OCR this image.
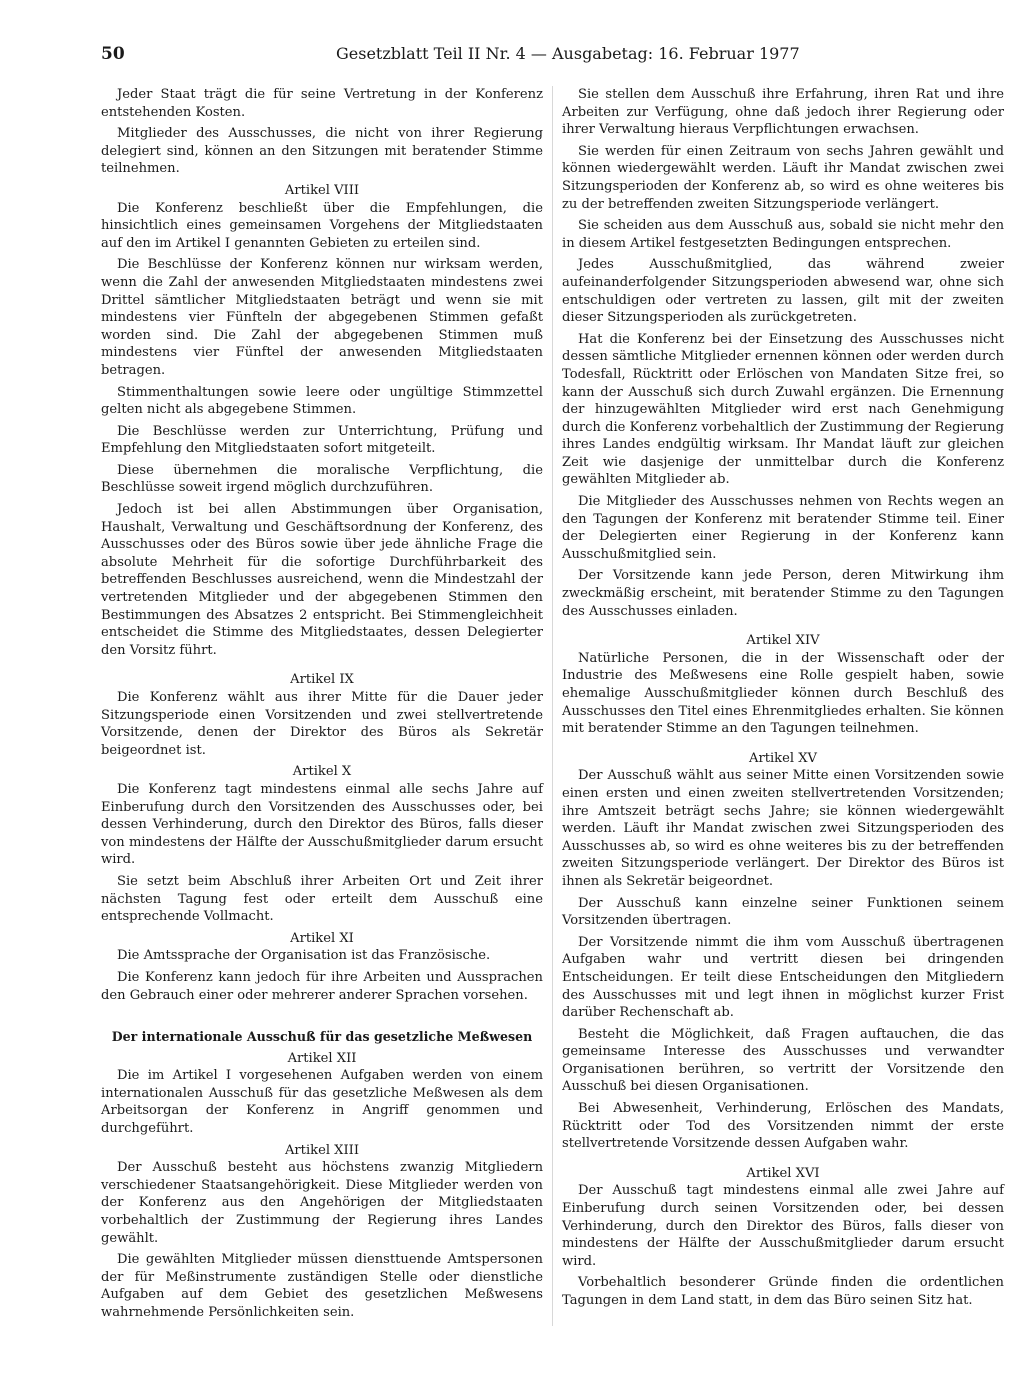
50	Gesetzblatt Teil II Nr. 4 — Ausgabetag: 16. Februar 1977

Jeder Staat trägt die für seine Vertretung in der Konferenz entstehenden Kosten.

Mitglieder des Ausschusses, die nicht von ihrer Regierung delegiert sind, können an den Sitzungen mit beratender Stimme teilnehmen.

Artikel VIII

Die Konferenz beschließt über die Empfehlungen, die hinsichtlich eines gemeinsamen Vorgehens der Mitgliedstaaten auf den im Artikel I genannten Gebieten zu erteilen sind.

Die Beschlüsse der Konferenz können nur wirksam werden, wenn die Zahl der anwesenden Mitgliedstaaten mindestens zwei Drittel sämtlicher Mitgliedstaaten beträgt und wenn sie mit mindestens vier Fünfteln der abgegebenen Stimmen gefaßt worden sind. Die Zahl der abgegebenen Stimmen muß mindestens vier Fünftel der anwesenden Mitgliedstaaten betragen.

Stimmenthaltungen sowie leere oder ungültige Stimmzettel gelten nicht als abgegebene Stimmen.

Die Beschlüsse werden zur Unterrichtung, Prüfung und Empfehlung den Mitgliedstaaten sofort mitgeteilt.

Diese übernehmen die moralische Verpflichtung, die Beschlüsse soweit irgend möglich durchzuführen.

Jedoch ist bei allen Abstimmungen über Organisation, Haushalt, Verwaltung und Geschäftsordnung der Konferenz, des Ausschusses oder des Büros sowie über jede ähnliche Frage die absolute Mehrheit für die sofortige Durchführbarkeit des betreffenden Beschlusses ausreichend, wenn die Mindestzahl der vertretenden Mitglieder und der abgegebenen Stimmen den Bestimmungen des Absatzes 2 entspricht. Bei Stimmengleichheit entscheidet die Stimme des Mitgliedstaates, dessen Delegierter den Vorsitz führt.

Artikel IX

Die Konferenz wählt aus ihrer Mitte für die Dauer jeder Sitzungsperiode einen Vorsitzenden und zwei stellvertretende Vorsitzende, denen der Direktor des Büros als Sekretär beigeordnet ist.

Artikel X

Die Konferenz tagt mindestens einmal alle sechs Jahre auf Einberufung durch den Vorsitzenden des Ausschusses oder, bei dessen Verhinderung, durch den Direktor des Büros, falls dieser von mindestens der Hälfte der Ausschußmitglieder darum ersucht wird.

Sie setzt beim Abschluß ihrer Arbeiten Ort und Zeit ihrer nächsten Tagung fest oder erteilt dem Ausschuß eine entsprechende Vollmacht.

Artikel XI

Die Amtssprache der Organisation ist das Französische.

Die Konferenz kann jedoch für ihre Arbeiten und Aussprachen den Gebrauch einer oder mehrerer anderer Sprachen vorsehen.

Der internationale Ausschuß für das gesetzliche Meßwesen
Artikel XII

Die im Artikel I vorgesehenen Aufgaben werden von einem internationalen Ausschuß für das gesetzliche Meßwesen als dem Arbeitsorgan der Konferenz in Angriff genommen und durchgeführt.

Artikel XIII

Der Ausschuß besteht aus höchstens zwanzig Mitgliedern verschiedener Staatsangehörigkeit. Diese Mitglieder werden von der Konferenz aus den Angehörigen der Mitgliedstaaten vorbehaltlich der Zustimmung der Regierung ihres Landes gewählt.

Die gewählten Mitglieder müssen diensttuende Amtspersonen der für Meßinstrumente zuständigen Stelle oder dienstliche Aufgaben auf dem Gebiet des gesetzlichen Meßwesens wahrnehmende Persönlichkeiten sein.

Sie stellen dem Ausschuß ihre Erfahrung, ihren Rat und ihre Arbeiten zur Verfügung, ohne daß jedoch ihrer Regierung oder ihrer Verwaltung hieraus Verpflichtungen erwachsen.

Sie werden für einen Zeitraum von sechs Jahren gewählt und können wiedergewählt werden. Läuft ihr Mandat zwischen zwei Sitzungsperioden der Konferenz ab, so wird es ohne weiteres bis zu der betreffenden zweiten Sitzungsperiode verlängert.

Sie scheiden aus dem Ausschuß aus, sobald sie nicht mehr den in diesem Artikel festgesetzten Bedingungen entsprechen.

Jedes Ausschußmitglied, das während zweier aufeinanderfolgender Sitzungsperioden abwesend war, ohne sich entschuldigen oder vertreten zu lassen, gilt mit der zweiten dieser Sitzungsperioden als zurückgetreten.

Hat die Konferenz bei der Einsetzung des Ausschusses nicht dessen sämtliche Mitglieder ernennen können oder werden durch Todesfall, Rücktritt oder Erlöschen von Mandaten Sitze frei, so kann der Ausschuß sich durch Zuwahl ergänzen. Die Ernennung der hinzugewählten Mitglieder wird erst nach Genehmigung durch die Konferenz vorbehaltlich der Zustimmung der Regierung ihres Landes endgültig wirksam. Ihr Mandat läuft zur gleichen Zeit wie dasjenige der unmittelbar durch die Konferenz gewählten Mitglieder ab.

Die Mitglieder des Ausschusses nehmen von Rechts wegen an den Tagungen der Konferenz mit beratender Stimme teil. Einer der Delegierten einer Regierung in der Konferenz kann Ausschußmitglied sein.

Der Vorsitzende kann jede Person, deren Mitwirkung ihm zweckmäßig erscheint, mit beratender Stimme zu den Tagungen des Ausschusses einladen.

Artikel XIV

Natürliche Personen, die in der Wissenschaft oder der Industrie des Meßwesens eine Rolle gespielt haben, sowie ehemalige Ausschußmitglieder können durch Beschluß des Ausschusses den Titel eines Ehrenmitgliedes erhalten. Sie können mit beratender Stimme an den Tagungen teilnehmen.

Artikel XV

Der Ausschuß wählt aus seiner Mitte einen Vorsitzenden sowie einen ersten und einen zweiten stellvertretenden Vorsitzenden; ihre Amtszeit beträgt sechs Jahre; sie können wiedergewählt werden. Läuft ihr Mandat zwischen zwei Sitzungsperioden des Ausschusses ab, so wird es ohne weiteres bis zu der betreffenden zweiten Sitzungsperiode verlängert. Der Direktor des Büros ist ihnen als Sekretär beigeordnet.

Der Ausschuß kann einzelne seiner Funktionen seinem Vorsitzenden übertragen.

Der Vorsitzende nimmt die ihm vom Ausschuß übertragenen Aufgaben wahr und vertritt diesen bei dringenden Entscheidungen. Er teilt diese Entscheidungen den Mitgliedern des Ausschusses mit und legt ihnen in möglichst kurzer Frist darüber Rechenschaft ab.

Besteht die Möglichkeit, daß Fragen auftauchen, die das gemeinsame Interesse des Ausschusses und verwandter Organisationen berühren, so vertritt der Vorsitzende den Ausschuß bei diesen Organisationen.

Bei Abwesenheit, Verhinderung, Erlöschen des Mandats, Rücktritt oder Tod des Vorsitzenden nimmt der erste stellvertretende Vorsitzende dessen Aufgaben wahr.

Artikel XVI

Der Ausschuß tagt mindestens einmal alle zwei Jahre auf Einberufung durch seinen Vorsitzenden oder, bei dessen Verhinderung, durch den Direktor des Büros, falls dieser von mindestens der Hälfte der Ausschußmitglieder darum ersucht wird.

Vorbehaltlich besonderer Gründe finden die ordentlichen Tagungen in dem Land statt, in dem das Büro seinen Sitz hat.
